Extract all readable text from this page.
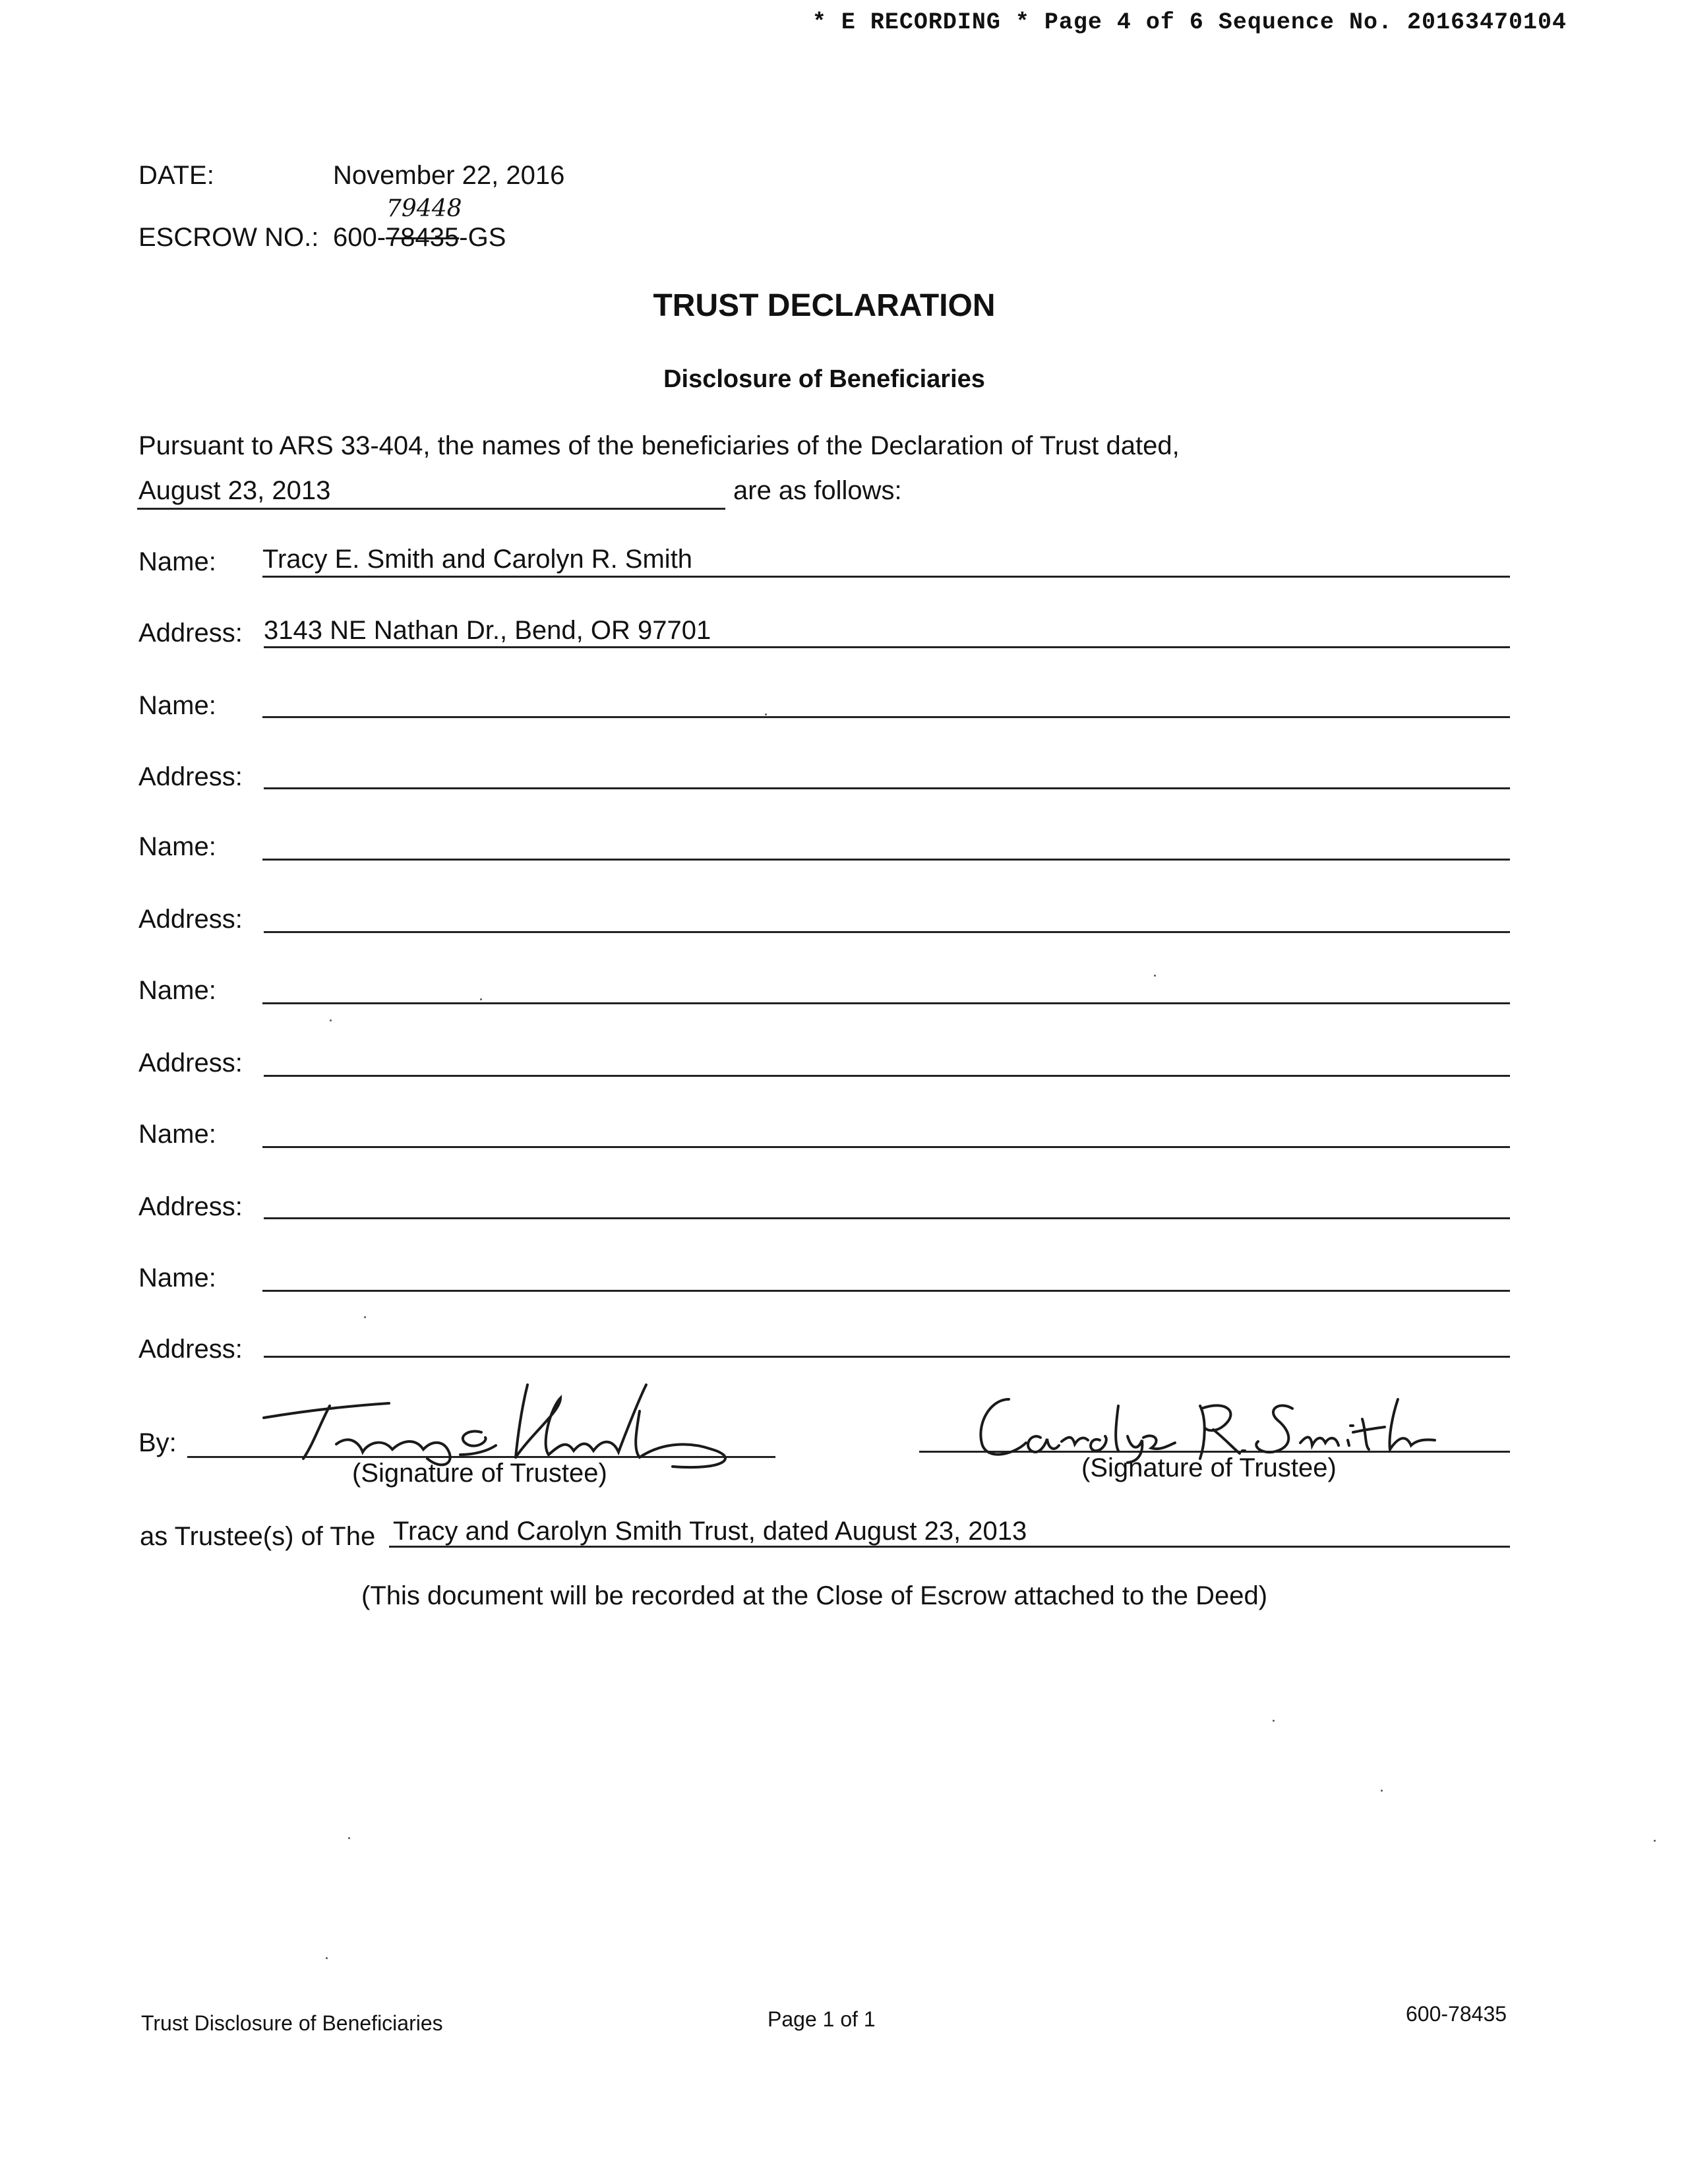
* E RECORDING * Page 4 of 6 Sequence No. 20163470104
DATE:	November 22, 2016
ESCROW NO.: 600-78435-GS
79448
TRUST DECLARATION
Disclosure of Beneficiaries
Pursuant to ARS 33-404, the names of the beneficiaries of the Declaration of Trust dated,
August 23, 2013	are as follows:
Name: Tracy E. Smith and Carolyn R. Smith
Address: 3143 NE Nathan Dr., Bend, OR 97701
Name:
Address:
Name:
Address:
Name:
Address:
Name:
Address:
Name:
Address:
By:
(Signature of Trustee)	(Signature of Trustee)
as Trustee(s) of The Tracy and Carolyn Smith Trust, dated August 23, 2013
(This document will be recorded at the Close of Escrow attached to the Deed)
Trust Disclosure of Beneficiaries	Page 1 of 1	600-78435
